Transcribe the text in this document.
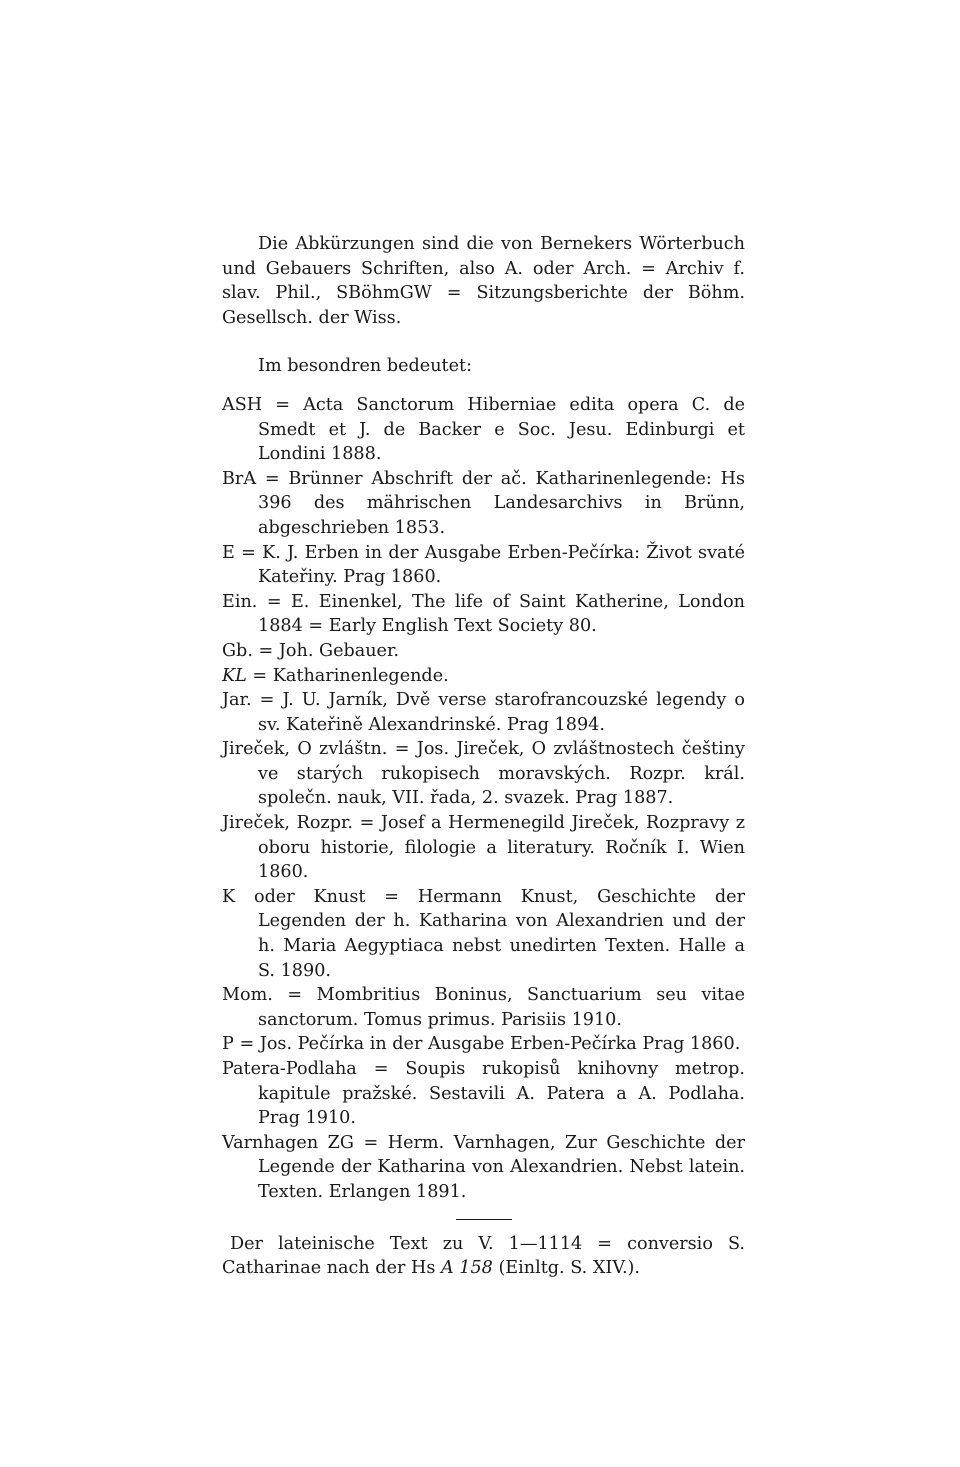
Die Abkürzungen sind die von Bernekers Wörterbuch und Gebauers Schriften, also A. oder Arch. = Archiv f. slav. Phil., SBöhmGW = Sitzungsberichte der Böhm. Gesellsch. der Wiss.

Im besondren bedeutet:

ASH = Acta Sanctorum Hiberniae edita opera C. de Smedt et J. de Backer e Soc. Jesu. Edinburgi et Londini 1888.

BrA = Brünner Abschrift der ač. Katharinenlegende: Hs 396 des mährischen Landesarchivs in Brünn, abgeschrieben 1853.

E = K. J. Erben in der Ausgabe Erben-Pečírka: Život svaté Kateřiny. Prag 1860.

Ein. = E. Einenkel, The life of Saint Katherine, London 1884 = Early English Text Society 80.

Gb. = Joh. Gebauer.

KL = Katharinenlegende.

Jar. = J. U. Jarník, Dvě verse starofrancouzské legendy o sv. Kateřině Alexandrinské. Prag 1894.

Jireček, O zvláštn. = Jos. Jireček, O zvláštnostech češtiny ve starých rukopisech moravských. Rozpr. král. společn. nauk, VII. řada, 2. svazek. Prag 1887.

Jireček, Rozpr. = Josef a Hermenegild Jireček, Rozpravy z oboru historie, filologie a literatury. Ročník I. Wien 1860.

K oder Knust = Hermann Knust, Geschichte der Legenden der h. Katharina von Alexandrien und der h. Maria Aegyptiaca nebst unedirten Texten. Halle a S. 1890.

Mom. = Mombritius Boninus, Sanctuarium seu vitae sanctorum. Tomus primus. Parisiis 1910.

P = Jos. Pečírka in der Ausgabe Erben-Pečírka Prag 1860.

Patera-Podlaha = Soupis rukopisů knihovny metrop. kapitule pražské. Sestavili A. Patera a A. Podlaha. Prag 1910.

Varnhagen ZG = Herm. Varnhagen, Zur Geschichte der Legende der Katharina von Alexandrien. Nebst latein. Texten. Erlangen 1891.

Der lateinische Text zu V. 1—1114 = conversio S. Catharinae nach der Hs A 158 (Einltg. S. XIV.).
